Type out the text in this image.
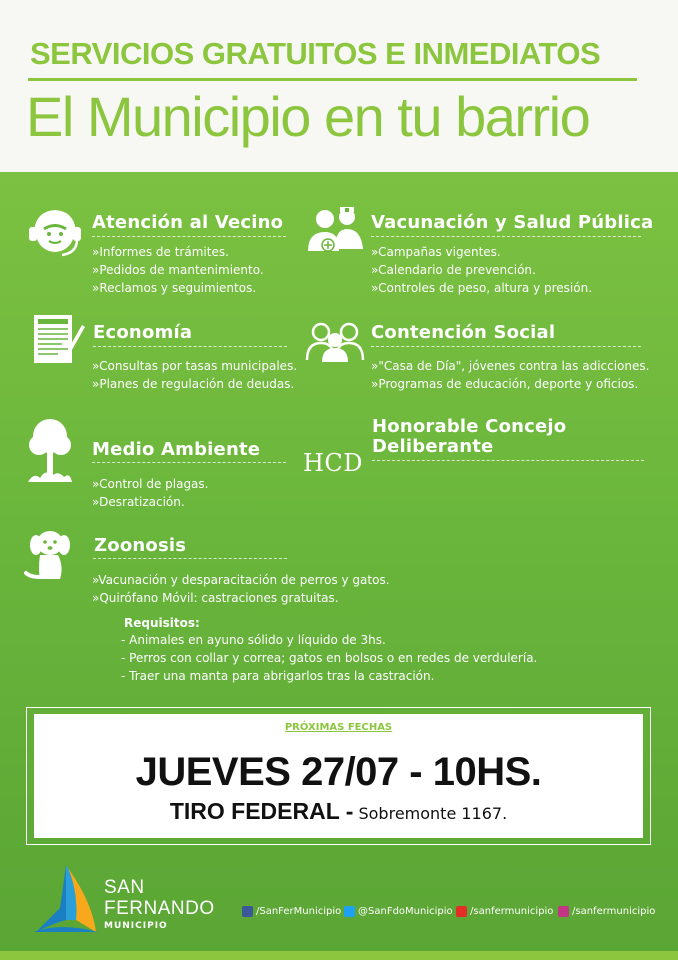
SERVICIOS GRATUITOS E INMEDIATOS
El Municipio en tu barrio
Atención al Vecino
»Informes de trámites.
»Pedidos de mantenimiento.
»Reclamos y seguimientos.
Vacunación y Salud Pública
»Campañas vigentes.
»Calendario de prevención.
»Controles de peso, altura y presión.
Economía
»Consultas por tasas municipales.
»Planes de regulación de deudas.
Contención Social
»"Casa de Día", jóvenes contra las adicciones.
»Programas de educación, deporte y oficios.
Medio Ambiente
»Control de plagas.
»Desratización.
HCD
Honorable Concejo
Deliberante
Zoonosis
»Vacunación y desparacitación de perros y gatos.
»Quirófano Móvil: castraciones gratuitas.
Requisitos:
- Animales en ayuno sólido y líquido de 3hs.
- Perros con collar y correa; gatos en bolsos o en redes de verdulería.
- Traer una manta para abrigarlos tras la castración.
PRÓXIMAS FECHAS
JUEVES 27/07 - 10HS.
TIRO FEDERAL - Sobremonte 1167.
SAN
FERNANDO
MUNICIPIO
/SanFerMunicipio @SanFdoMunicipio /sanfermunicipio /sanfermunicipio
